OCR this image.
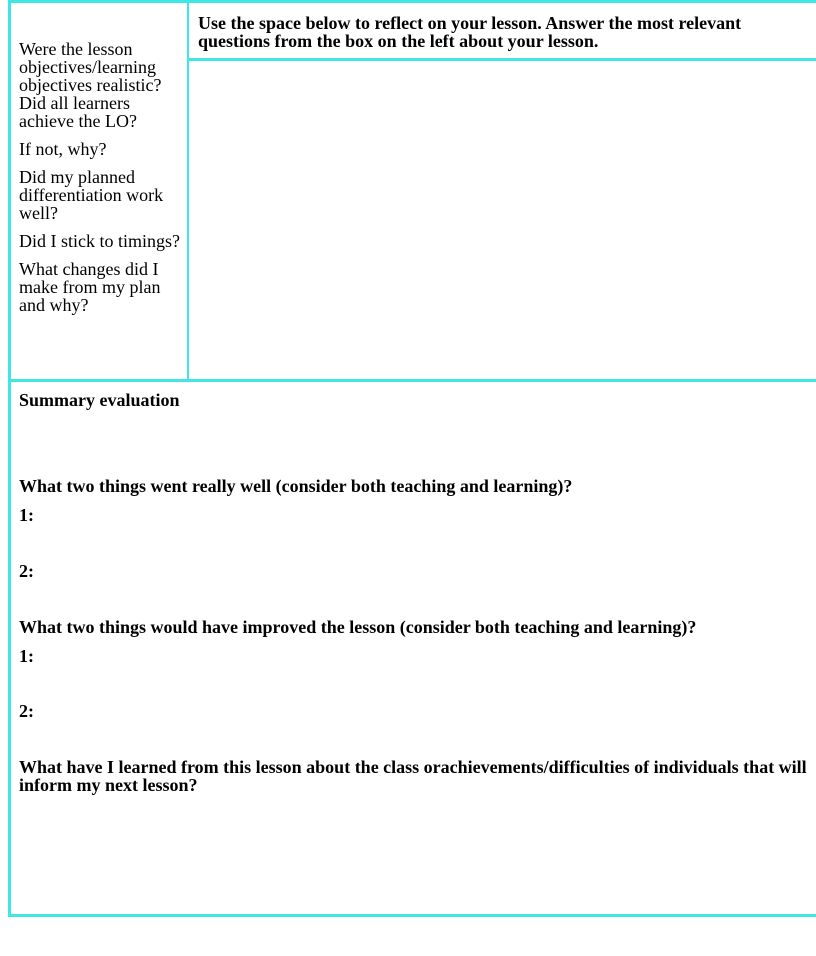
Were the lesson objectives/learning objectives realistic? Did all learners achieve the LO?

If not, why?

Did my planned differentiation work well?

Did I stick to timings?

What changes did I make from my plan and why?

Use the space below to reflect on your lesson. Answer the most relevant questions from the box on the left about your lesson.

Summary evaluation

What two things went really well (consider both teaching and learning)?

1:

2:

What two things would have improved the lesson (consider both teaching and learning)?

1:

2:

What have I learned from this lesson about the class orachievements/difficulties of individuals that will inform my next lesson?
